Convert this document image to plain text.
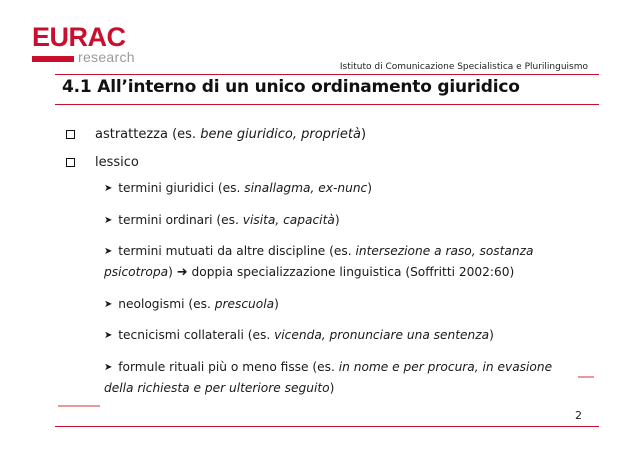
EURAC
research
Istituto di Comunicazione Specialistica e Plurilinguismo
4.1 All’interno di un unico ordinamento giuridico
astrattezza (es. bene giuridico, proprietà)
lessico
➤ termini giuridici (es. sinallagma, ex-nunc)
➤ termini ordinari (es. visita, capacità)
➤ termini mutuati da altre discipline (es. intersezione a raso, sostanza psicotropa) ➜ doppia specializzazione linguistica (Soffritti 2002:60)
➤ neologismi (es. prescuola)
➤ tecnicismi collaterali (es. vicenda, pronunciare una sentenza)
➤ formule rituali più o meno fisse (es. in nome e per procura, in evasione della richiesta e per ulteriore seguito)
2
